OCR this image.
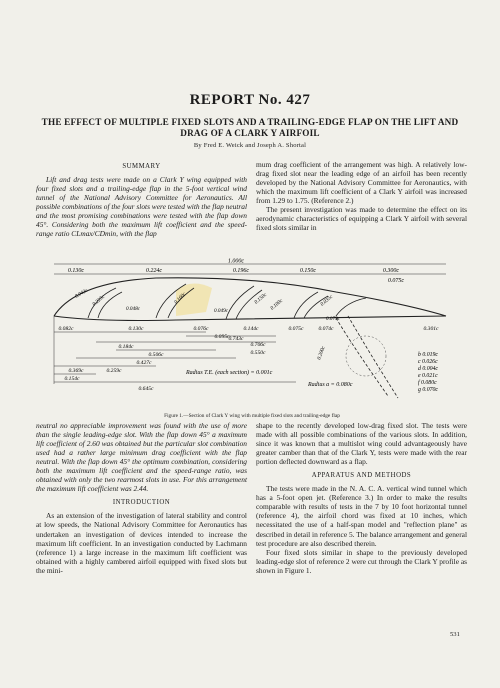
REPORT No. 427
THE EFFECT OF MULTIPLE FIXED SLOTS AND A TRAILING-EDGE FLAP ON THE LIFT AND DRAG OF A CLARK Y AIRFOIL
By Fred E. Weick and Joseph A. Shortal
SUMMARY

Lift and drag tests were made on a Clark Y wing equipped with four fixed slots and a trailing-edge flap in the 5-foot vertical wind tunnel of the National Advisory Committee for Aeronautics. All possible combinations of the four slots were tested with the flap neutral and the most promising combinations were tested with the flap down 45°. Considering both the maximum lift coefficient and the speed-range ratio CLmax/CDmin, with the flap

mum drag coefficient of the arrangement was high. A relatively low-drag fixed slot near the leading edge of an airfoil has been recently developed by the National Advisory Committee for Aeronautics, with which the maximum lift coefficient of a Clark Y airfoil was increased from 1.29 to 1.75. (Reference 2.)

The present investigation was made to determine the effect on its aerodynamic characteristics of equipping a Clark Y airfoil with several fixed slots similar in

1.000c
0.130c	0.224c	0.196c	0.150c	0.300c
0.075c
0.082c	0.130c	0.076c
0.095c
0.144c	0.075c	0.074c	0.301c
0.743c
0.706c
0.550c
0.506c
0.184c
0.427c
0.369c	0.259c
0.154c
0.645c
0.043c
0.225c	0.160c
0.049c
0.150c 0.100c	0.035c
0.200c
0.079c
0.048c
Radius T.E. (each section) = 0.001c
Radius a = 0.080c
b 0.019c
c 0.026c
d 0.004c
e 0.021c
f 0.080c
g 0.070c
Figure 1.—Section of Clark Y wing with multiple fixed slots and trailing-edge flap

neutral no appreciable improvement was found with the use of more than the single leading-edge slot. With the flap down 45° a maximum lift coefficient of 2.60 was obtained but the particular slot combination used had a rather large minimum drag coefficient with the flap neutral. With the flap down 45° the optimum combination, considering both the maximum lift coefficient and the speed-range ratio, was obtained with only the two rearmost slots in use. For this arrangement the maximum lift coefficient was 2.44.

INTRODUCTION

As an extension of the investigation of lateral stability and control at low speeds, the National Advisory Committee for Aeronautics has undertaken an investigation of devices intended to increase the maximum lift coefficient. In an investigation conducted by Lachmann (reference 1) a large increase in the maximum lift coefficient was obtained with a highly cambered airfoil equipped with fixed slots but the mini-

shape to the recently developed low-drag fixed slot. The tests were made with all possible combinations of the various slots. In addition, since it was known that a multislot wing could advantageously have greater camber than that of the Clark Y, tests were made with the rear portion deflected downward as a flap.

APPARATUS AND METHODS

The tests were made in the N. A. C. A. vertical wind tunnel which has a 5-foot open jet. (Reference 3.) In order to make the results comparable with results of tests in the 7 by 10 foot horizontal tunnel (reference 4), the airfoil chord was fixed at 10 inches, which necessitated the use of a half-span model and "reflection plane" as described in detail in reference 5. The balance arrangement and general test procedure are also described therein.

Four fixed slots similar in shape to the previously developed leading-edge slot of reference 2 were cut through the Clark Y profile as shown in Figure 1.

531
